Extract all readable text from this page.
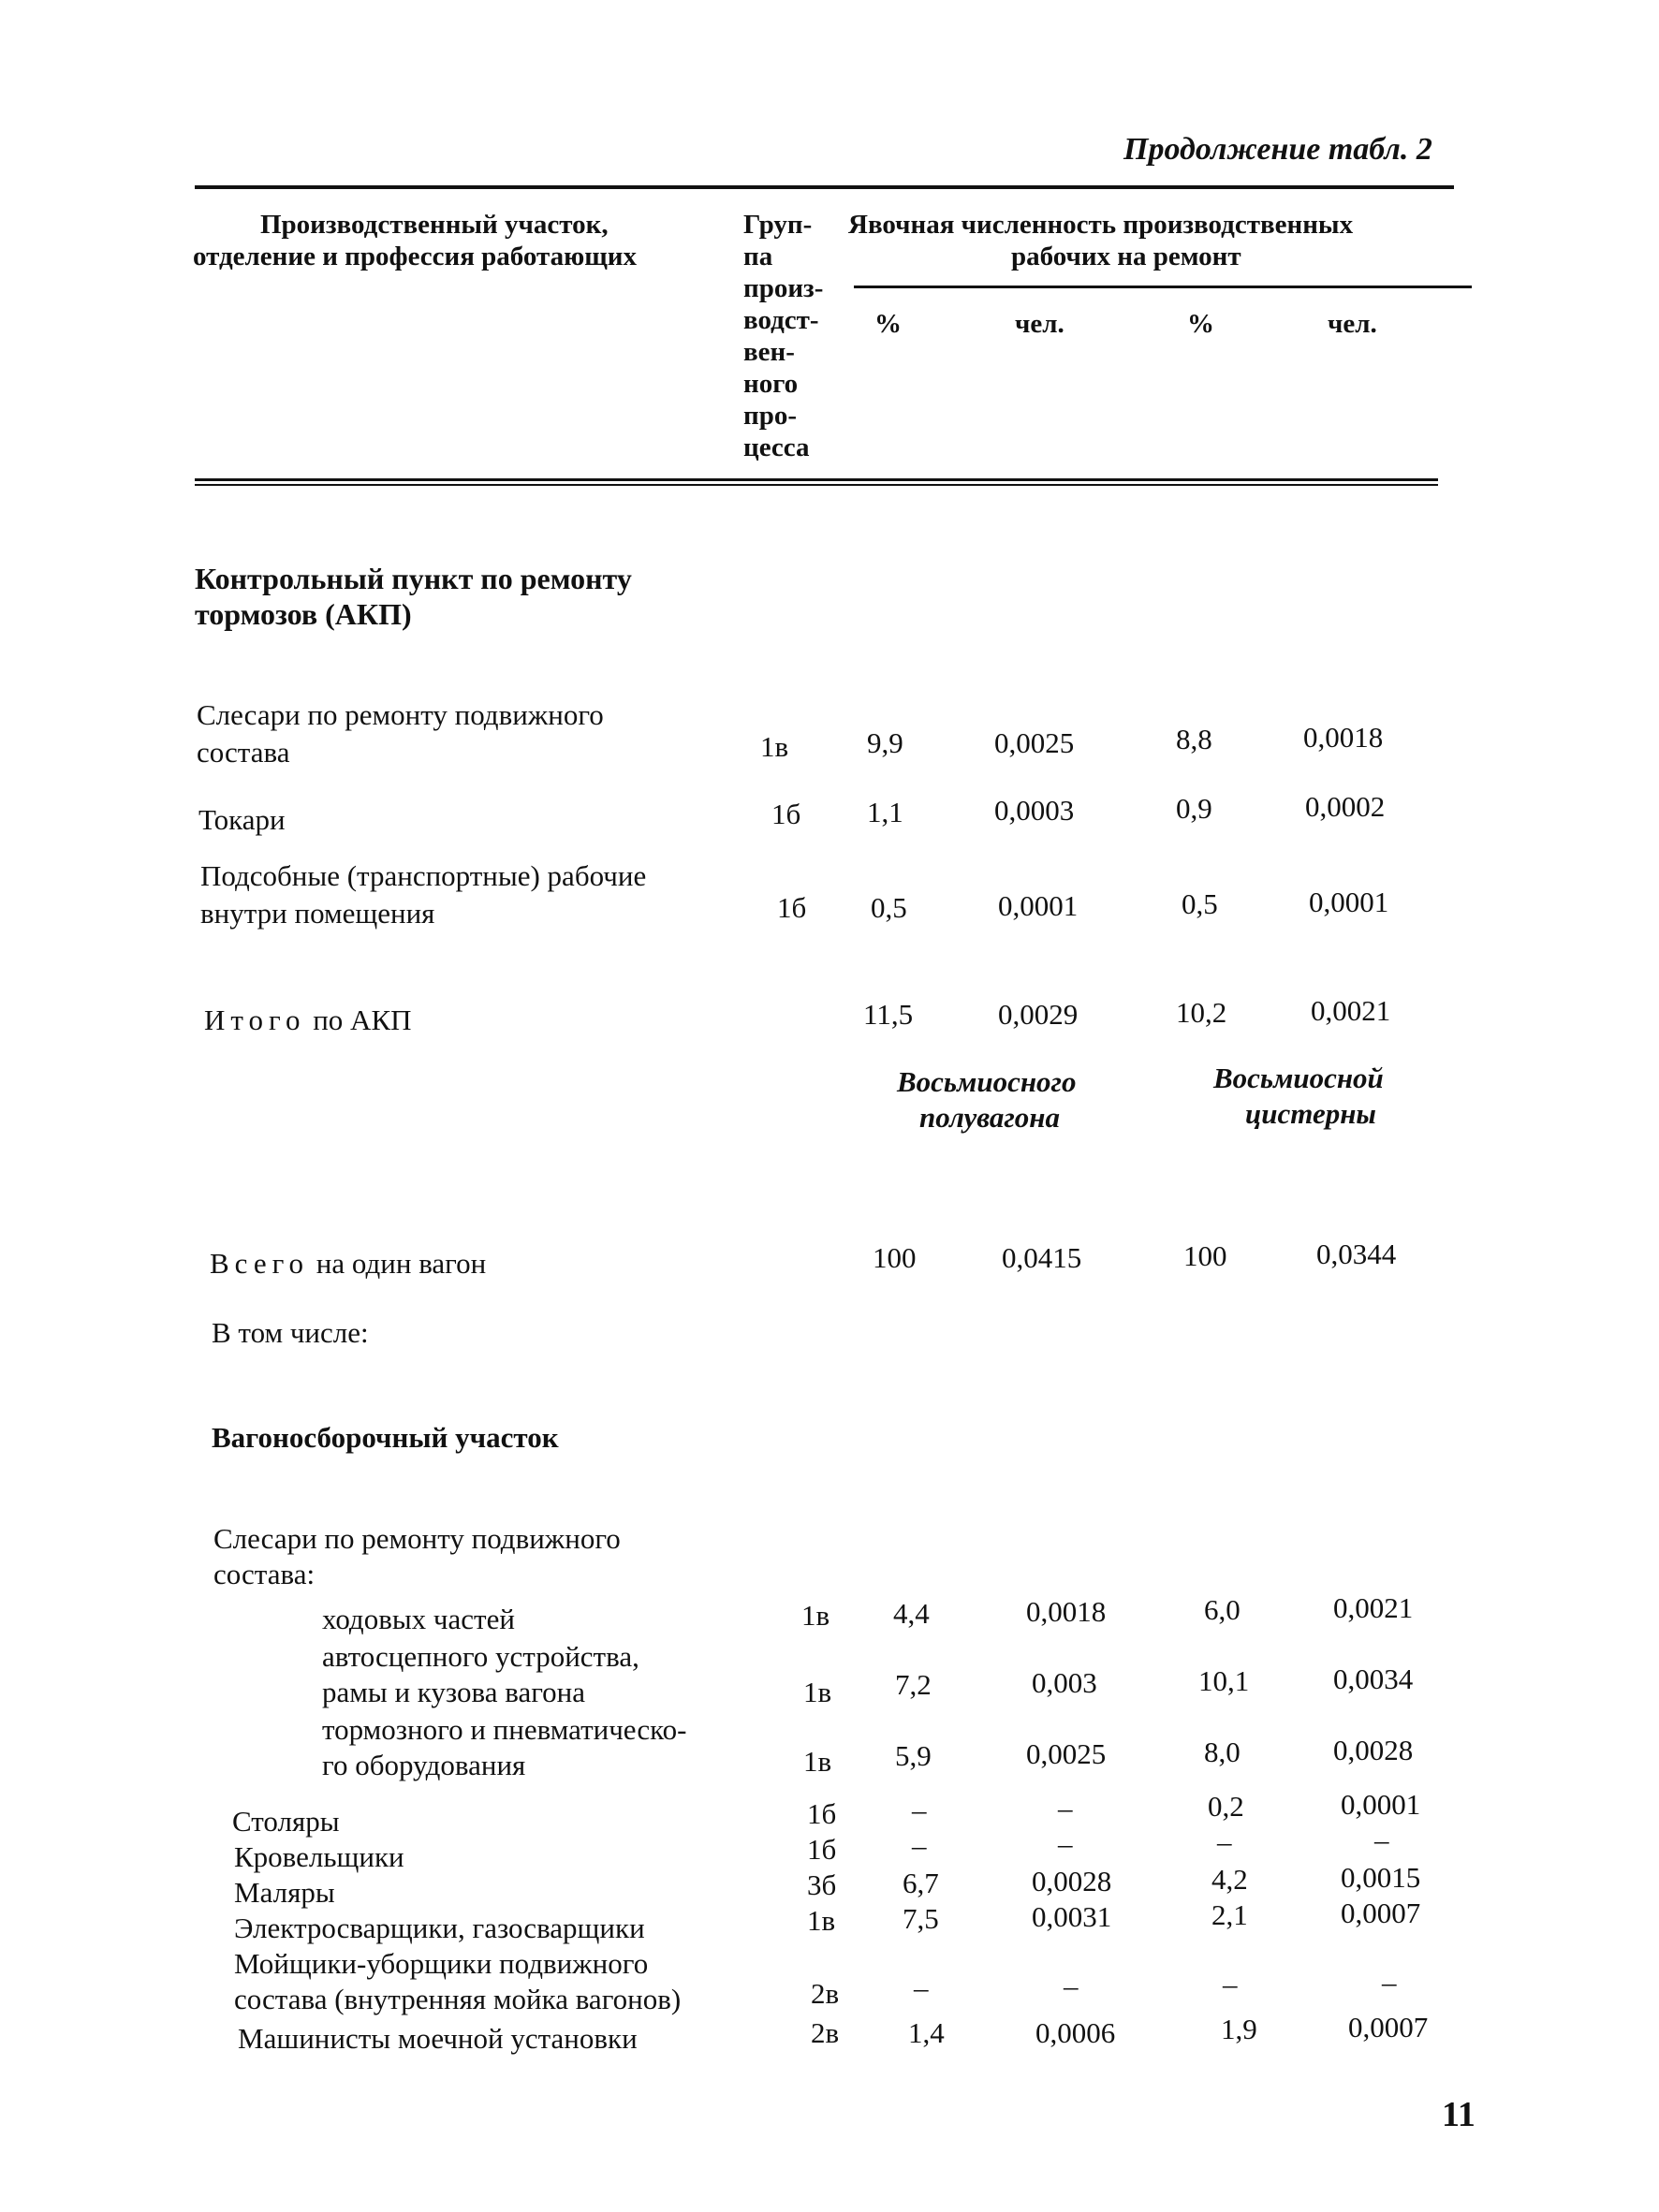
Продолжение табл. 2
Производственный участок,
отделение и профессия работающих
Груп-
па
произ-
водст-
вен-
ного
про-
цесса
Явочная численность производственных
рабочих на ремонт
%	чел.	%	чел.
Контрольный пункт по ремонту
тормозов (АКП)
Слесари по ремонту подвижного
состава	1в	9,9	0,0025	8,8	0,0018
Токари	1б 1,1	0,0003	0,9	0,0002
Подсобные (транспортные) рабочие
внутри помещения	1б 0,5	0,0001	0,5	0,0001
Итого по АКП	11,5	0,0029	10,2	0,0021
Восьмиосного
полувагона
Восьмиосной
цистерны
Всего на один вагон	100	0,0415	100	0,0344
В том числе:
Вагоносборочный участок
Слесари по ремонту подвижного
состава:
ходовых частей	1в 4,4	0,0018	6,0	0,0021
автосцепного устройства,
рамы и кузова вагона	1в 7,2	0,003	10,1	0,0034
тормозного и пневматическо-
го оборудования	1в 5,9	0,0025	8,0	0,0028
Столяры	1б	–	–	0,2	0,0001
Кровельщики	1б	–	–	–	–
Маляры	3б 6,7	0,0028	4,2	0,0015
Электросварщики, газосварщики	1в 7,5	0,0031	2,1	0,0007
Мойщики-уборщики подвижного
состава (внутренняя мойка вагонов)	2в	–	–	–	–
Машинисты моечной установки	2в 1,4	0,0006	1,9	0,0007
11
